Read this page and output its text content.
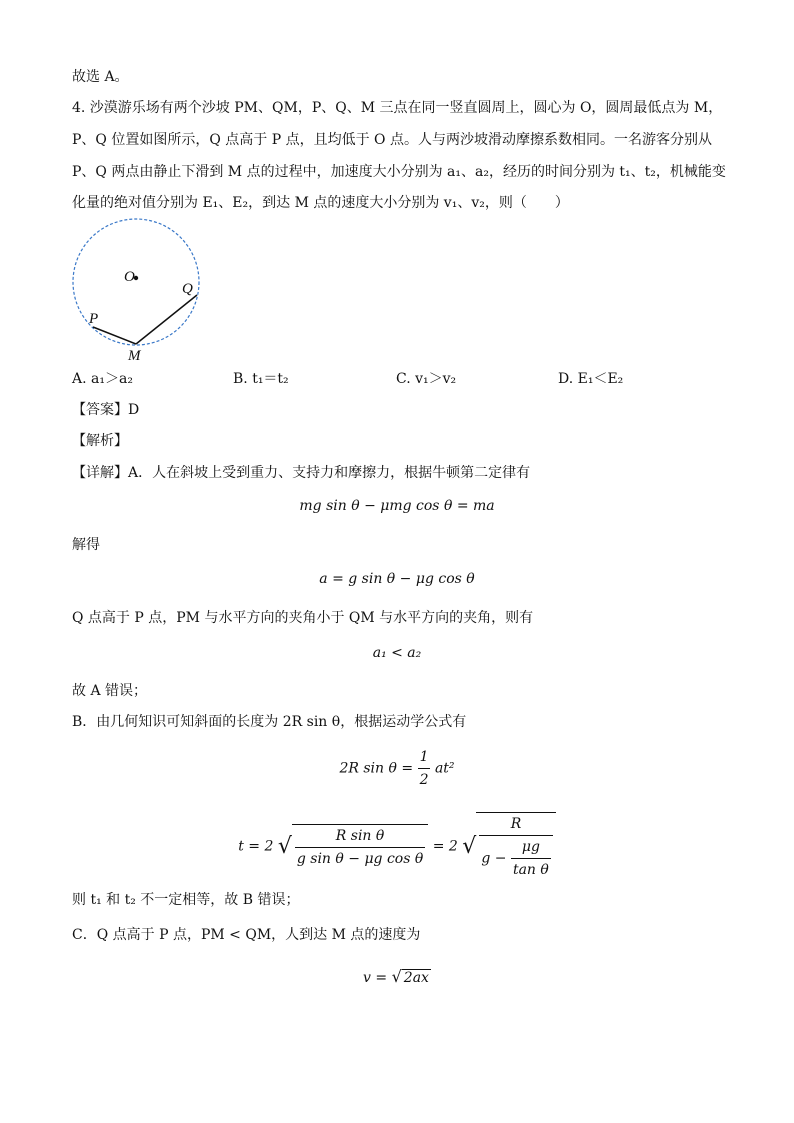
故选 A。
4. 沙漠游乐场有两个沙坡 PM、QM，P、Q、M 三点在同一竖直圆周上，圆心为 O，圆周最低点为 M，
P、Q 位置如图所示，Q 点高于 P 点，且均低于 O 点。人与两沙坡滑动摩擦系数相同。一名游客分别从
P、Q 两点由静止下滑到 M 点的过程中，加速度大小分别为 a₁、a₂，经历的时间分别为 t₁、t₂，机械能变
化量的绝对值分别为 E₁、E₂，到达 M 点的速度大小分别为 v₁、v₂，则（　　）
O
Q
P
M
A. a₁＞a₂	B. t₁＝t₂	C. v₁＞v₂	D. E₁＜E₂
【答案】D
【解析】
【详解】A．人在斜坡上受到重力、支持力和摩擦力，根据牛顿第二定律有
mg sin θ − μmg cos θ = ma
解得
a = g sin θ − μg cos θ
Q 点高于 P 点，PM 与水平方向的夹角小于 QM 与水平方向的夹角，则有
a₁ < a₂
故 A 错误；
B．由几何知识可知斜面的长度为 2R sin θ，根据运动学公式有
2R $\sin \theta = \frac{1}{2} at^2$
t = 2 √ $\frac{\text{R sin θ}}{\text{g sin θ − μg cos θ}} = 2$ √ $\frac{R}{g - \frac{\mu g}{\text{tan θ}}}$
则 t₁ 和 t₂ 不一定相等，故 B 错误；
C．Q 点高于 P 点，PM < QM，人到达 M 点的速度为
v = √ 2ax
